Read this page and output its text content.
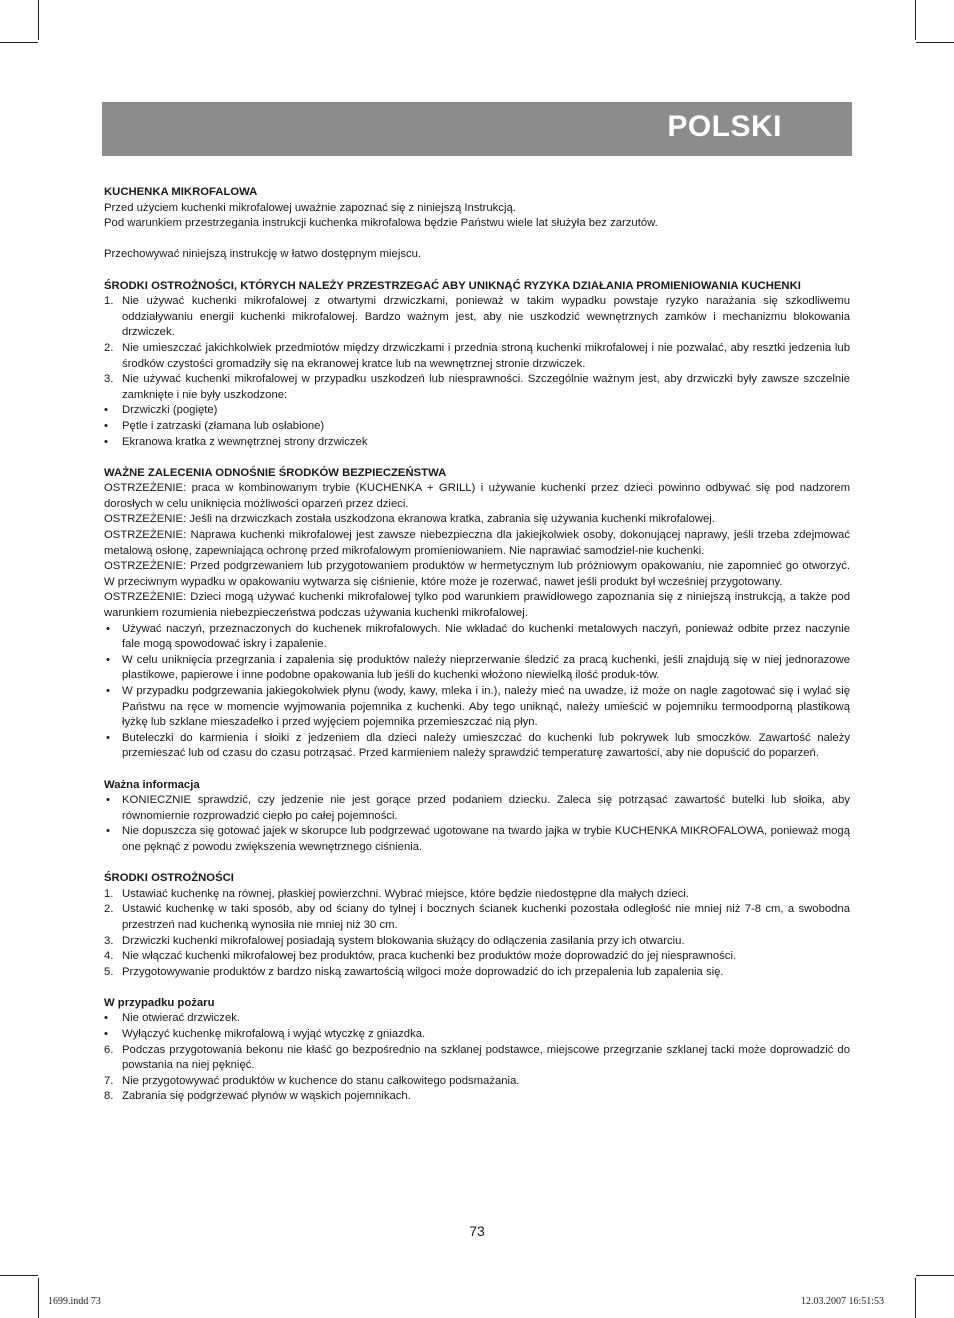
POLSKI
KUCHENKA MIKROFALOWA

Przed użyciem kuchenki mikrofalowej uważnie zapoznać się z niniejszą Instrukcją.

Pod warunkiem przestrzegania instrukcji kuchenka mikrofalowa będzie Państwu wiele lat służyła bez zarzutów.

Przechowywać niniejszą instrukcję w łatwo dostępnym miejscu.

ŚRODKI OSTROŻNOŚCI, KTÓRYCH NALEŻY PRZESTRZEGAĆ ABY UNIKNĄĆ RYZYKA DZIAŁANIA PROMIENIOWANIA KUCHENKI
1. Nie używać kuchenki mikrofalowej z otwartymi drzwiczkami, ponieważ w takim wypadku powstaje ryzyko narażania się szkodliwemu oddziaływaniu energii kuchenki mikrofalowej. Bardzo ważnym jest, aby nie uszkodzić wewnętrznych zamków i mechanizmu blokowania drzwiczek.
2. Nie umieszczać jakichkolwiek przedmiotów między drzwiczkami i przednia stroną kuchenki mikrofalowej i nie pozwalać, aby resztki jedzenia lub środków czystości gromadziły się na ekranowej kratce lub na wewnętrznej stronie drzwiczek.
3. Nie używać kuchenki mikrofalowej w przypadku uszkodzeń lub niesprawności. Szczególnie ważnym jest, aby drzwiczki były zawsze szczelnie zamknięte i nie były uszkodzone:
• Drzwiczki (pogięte)
• Pętle i zatrzaski (złamana lub osłabione)
• Ekranowa kratka z wewnętrznej strony drzwiczek
WAŻNE ZALECENIA ODNOŚNIE ŚRODKÓW BEZPIECZEŃSTWA

OSTRZEŻENIE: praca w kombinowanym trybie (KUCHENKA + GRILL) i używanie kuchenki przez dzieci powinno odbywać się pod nadzorem dorosłych w celu uniknięcia możliwości oparzeń przez dzieci.

OSTRZEŻENIE: Jeśli na drzwiczkach została uszkodzona ekranowa kratka, zabrania się używania kuchenki mikrofalowej.

OSTRZEŻENIE: Naprawa kuchenki mikrofalowej jest zawsze niebezpieczna dla jakiejkolwiek osoby, dokonującej naprawy, jeśli trzeba zdejmować metalową osłonę, zapewniająca ochronę przed mikrofalowym promieniowaniem. Nie naprawiać samodziel-nie kuchenki.

OSTRZEŻENIE: Przed podgrzewaniem lub przygotowaniem produktów w hermetycznym lub próżniowym opakowaniu, nie zapomnieć go otworzyć. W przeciwnym wypadku w opakowaniu wytwarza się ciśnienie, które może je rozerwać, nawet jeśli produkt był wcześniej przygotowany.

OSTRZEŻENIE: Dzieci mogą używać kuchenki mikrofalowej tylko pod warunkiem prawidłowego zapoznania się z niniejszą instrukcją, a także pod warunkiem rozumienia niebezpieczeństwa podczas używania kuchenki mikrofalowej.

• Używać naczyń, przeznaczonych do kuchenek mikrofalowych. Nie wkładać do kuchenki metalowych naczyń, ponieważ odbite przez naczynie fale mogą spowodować iskry i zapalenie.
• W celu uniknięcia przegrzania i zapalenia się produktów należy nieprzerwanie śledzić za pracą kuchenki, jeśli znajdują się w niej jednorazowe plastikowe, papierowe i inne podobne opakowania lub jeśli do kuchenki włożono niewielką ilość produk-tów.
• W przypadku podgrzewania jakiegokolwiek płynu (wody, kawy, mleka i in.), należy mieć na uwadze, iż może on nagle zagotować się i wylać się Państwu na ręce w momencie wyjmowania pojemnika z kuchenki. Aby tego uniknąć, należy umieścić w pojemniku termoodporną plastikową łyżkę lub szklane mieszadełko i przed wyjęciem pojemnika przemieszczać nią płyn.
• Buteleczki do karmienia i słoiki z jedzeniem dla dzieci należy umieszczać do kuchenki lub pokrywek lub smoczków. Zawartość należy przemieszać lub od czasu do czasu potrząsać. Przed karmieniem należy sprawdzić temperaturę zawartości, aby nie dopuścić do poparzeń.
Ważna informacja
• KONIECZNIE sprawdzić, czy jedzenie nie jest gorące przed podaniem dziecku. Zaleca się potrząsać zawartość butelki lub słoika, aby równomiernie rozprowadzić ciepło po całej pojemności.
• Nie dopuszcza się gotować jajek w skorupce lub podgrzewać ugotowane na twardo jajka w trybie KUCHENKA MIKROFALOWA, ponieważ mogą one pęknąć z powodu zwiększenia wewnętrznego ciśnienia.
ŚRODKI OSTROŻNOŚCI
1. Ustawiać kuchenkę na równej, płaskiej powierzchni. Wybrać miejsce, które będzie niedostępne dla małych dzieci.
2. Ustawić kuchenkę w taki sposób, aby od ściany do tylnej i bocznych ścianek kuchenki pozostała odległość nie mniej niż 7-8 cm, a swobodna przestrzeń nad kuchenką wynosiła nie mniej niż 30 cm.
3. Drzwiczki kuchenki mikrofalowej posiadają system blokowania służący do odłączenia zasilania przy ich otwarciu.
4. Nie włączać kuchenki mikrofalowej bez produktów, praca kuchenki bez produktów może doprowadzić do jej niesprawności.
5. Przygotowywanie produktów z bardzo niską zawartością wilgoci może doprowadzić do ich przepalenia lub zapalenia się.
W przypadku pożaru
• Nie otwierać drzwiczek.
• Wyłączyć kuchenkę mikrofalową i wyjąć wtyczkę z gniazdka.
6. Podczas przygotowania bekonu nie kłaść go bezpośrednio na szklanej podstawce, miejscowe przegrzanie szklanej tacki może doprowadzić do powstania na niej pęknięć.
7. Nie przygotowywać produktów w kuchence do stanu całkowitego podsmażania.
8. Zabrania się podgrzewać płynów w wąskich pojemnikach.
73
1699.indd 73	12.03.2007 16:51:53
